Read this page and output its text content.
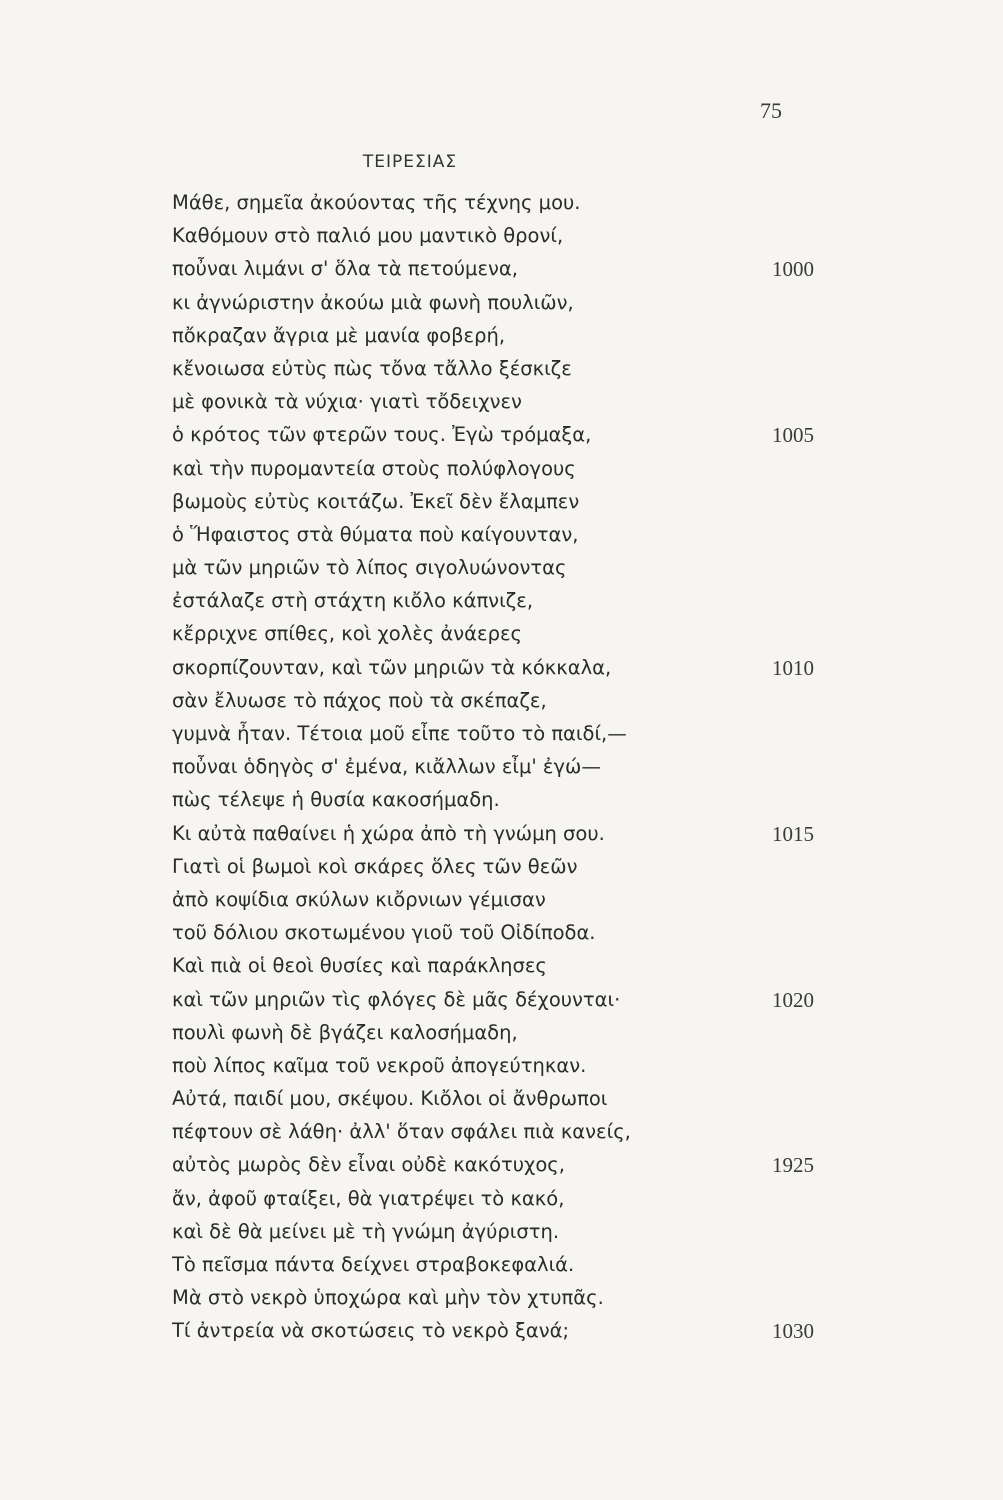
75
ΤΕΙΡΕΣΙΑΣ
Μάθε, σημεῖα ἀκούοντας τῆς τέχνης μου.
Καθόμουν στὸ παλιό μου μαντικὸ θρονί,
ποὖναι λιμάνι σ' ὅλα τὰ πετούμενα,	1000
κι ἀγνώριστην ἀκούω μιὰ φωνὴ πουλιῶν,
πὄκραζαν ἄγρια μὲ μανία φοβερή,
κἔνοιωσα εὐτὺς πὼς τὄνα τἄλλο ξέσκιζε
μὲ φονικὰ τὰ νύχια· γιατὶ τὄδειχνεν
ὁ κρότος τῶν φτερῶν τους. Ἐγὼ τρόμαξα,	1005
καὶ τὴν πυρομαντεία στοὺς πολύφλογους
βωμοὺς εὐτὺς κοιτάζω. Ἐκεῖ δὲν ἔλαμπεν
ὁ Ἥφαιστος στὰ θύματα ποὺ καίγουνταν,
μὰ τῶν μηριῶν τὸ λίπος σιγολυώνοντας
ἐστάλαζε στὴ στάχτη κιὄλο κάπνιζε,
κἔρριχνε σπίθες, κοὶ χολὲς ἀνάερες
σκορπίζουνταν, καὶ τῶν μηριῶν τὰ κόκκαλα,	1010
σὰν ἔλυωσε τὸ πάχος ποὺ τὰ σκέπαζε,
γυμνὰ ἦταν. Τέτοια μοῦ εἶπε τοῦτο τὸ παιδί,—
ποὖναι ὁδηγὸς σ' ἐμένα, κιἄλλων εἶμ' ἐγώ—
πὼς τέλεψε ἡ θυσία κακοσήμαδη.
Κι αὐτὰ παθαίνει ἡ χώρα ἀπὸ τὴ γνώμη σου.	1015
Γιατὶ οἱ βωμοὶ κοὶ σκάρες ὅλες τῶν θεῶν
ἀπὸ κοψίδια σκύλων κιὄρνιων γέμισαν
τοῦ δόλιου σκοτωμένου γιοῦ τοῦ Οἰδίποδα.
Καὶ πιὰ οἱ θεοὶ θυσίες καὶ παράκλησες
καὶ τῶν μηριῶν τὶς φλόγες δὲ μᾶς δέχουνται·	1020
πουλὶ φωνὴ δὲ βγάζει καλοσήμαδη,
ποὺ λίπος καῖμα τοῦ νεκροῦ ἀπογεύτηκαν.
Αὐτά, παιδί μου, σκέψου. Κιὄλοι οἱ ἄνθρωποι
πέφτουν σὲ λάθη· ἀλλ' ὅταν σφάλει πιὰ κανείς,
αὐτὸς μωρὸς δὲν εἶναι οὐδὲ κακότυχος,	1925
ἄν, ἀφοῦ φταίξει, θὰ γιατρέψει τὸ κακό,
καὶ δὲ θὰ μείνει μὲ τὴ γνώμη ἀγύριστη.
Τὸ πεῖσμα πάντα δείχνει στραβοκεφαλιά.
Μὰ στὸ νεκρὸ ὑποχώρα καὶ μὴν τὸν χτυπᾶς.
Τί ἀντρεία νὰ σκοτώσεις τὸ νεκρὸ ξανά;	1030
